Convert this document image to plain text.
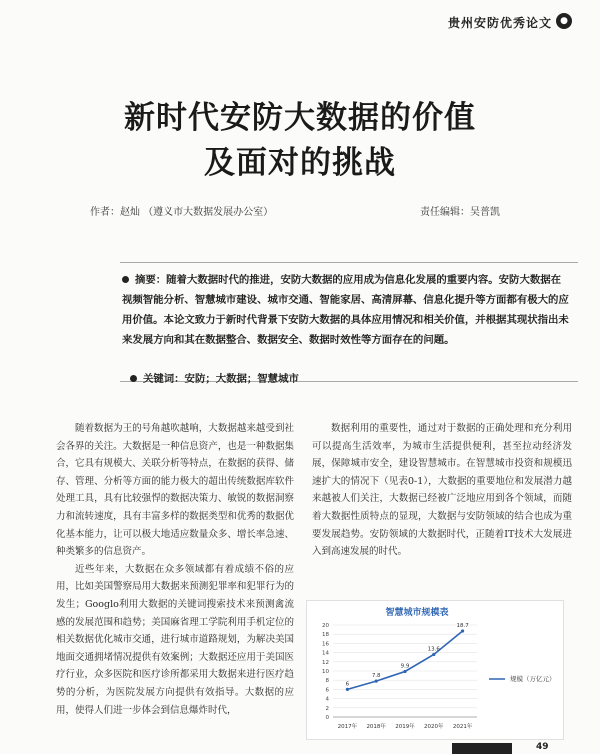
贵州安防优秀论文 ●
新时代安防大数据的价值
及面对的挑战
作者：赵灿 （遵义市大数据发展办公室）	责任编辑：吴普凯
摘要：随着大数据时代的推进，安防大数据的应用成为信息化发展的重要内容。安防大数据在视频智能分析、智慧城市建设、城市交通、智能家居、高清屏幕、信息化提升等方面都有极大的应用价值。本论文致力于新时代背景下安防大数据的具体应用情况和相关价值，并根据其现状指出未来发展方向和其在数据整合、数据安全、数据时效性等方面存在的问题。
关键词：安防；大数据；智慧城市

随着数据为王的号角越吹越响，大数据越来越受到社会各界的关注。大数据是一种信息资产，也是一种数据集合，它具有规模大、关联分析等特点，在数据的获得、储存、管理、分析等方面的能力极大的超出传统数据库软件处理工具，具有比较强悍的数据决策力、敏锐的数据洞察力和流转速度，具有丰富多样的数据类型和优秀的数据优化基本能力，让可以极大地适应数量众多、增长率急速、种类繁多的信息资产。

近些年来，大数据在众多领域都有着成绩不俗的应用，比如美国警察局用大数据来预测犯罪率和犯罪行为的发生；Googlo利用大数据的关键词搜索技术来预测禽流感的发展范围和趋势；美国麻省理工学院利用手机定位的相关数据优化城市交通，进行城市道路规划，为解决美国地面交通拥堵情况提供有效案例；大数据还应用于美国医疗行业，众多医院和医疗诊所都采用大数据来进行医疗趋势的分析，为医院发展方向提供有效指导。大数据的应用，使得人们进一步体会到信息爆炸时代，

数据利用的重要性，通过对于数据的正确处理和充分利用可以提高生活效率，为城市生活提供便利，甚至拉动经济发展，保障城市安全，建设智慧城市。在智慧城市投资和规模迅速扩大的情况下（见表0-1），大数据的重要地位和发展潜力越来越被人们关注，大数据已经被广泛地应用到各个领域，而随着大数据性质特点的显现，大数据与安防领域的结合也成为重要发展趋势。安防领域的大数据时代，正随着IT技术大发展进入到高速发展的时代。

智慧城市规模表
规模（万亿元）
0
2
4
6
8
10
12
14
16
18
20
2017年 2018年 2019年 2020年 2021年
6
7.8
9.9
13.6
18.7
49
